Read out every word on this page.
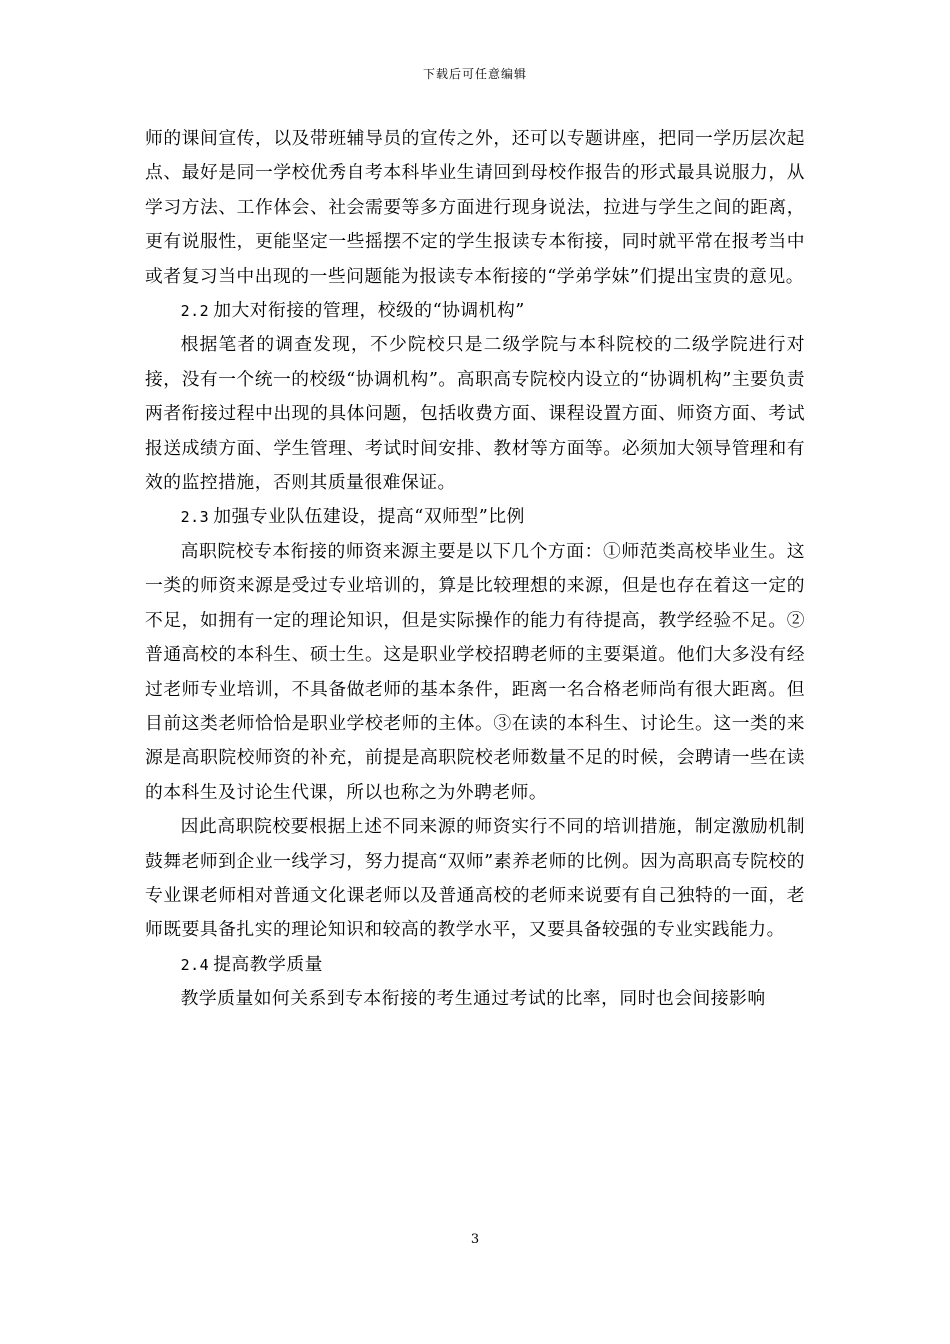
下载后可任意编辑

师的课间宣传，以及带班辅导员的宣传之外，还可以专题讲座，把同一学历层次起点、最好是同一学校优秀自考本科毕业生请回到母校作报告的形式最具说服力，从学习方法、工作体会、社会需要等多方面进行现身说法，拉进与学生之间的距离，更有说服性，更能坚定一些摇摆不定的学生报读专本衔接，同时就平常在报考当中或者复习当中出现的一些问题能为报读专本衔接的“学弟学妹”们提出宝贵的意见。

2.2 加大对衔接的管理，校级的“协调机构”

根据笔者的调查发现，不少院校只是二级学院与本科院校的二级学院进行对接，没有一个统一的校级“协调机构”。高职高专院校内设立的“协调机构”主要负责两者衔接过程中出现的具体问题，包括收费方面、课程设置方面、师资方面、考试报送成绩方面、学生管理、考试时间安排、教材等方面等。必须加大领导管理和有效的监控措施，否则其质量很难保证。

2.3 加强专业队伍建设，提高“双师型”比例

高职院校专本衔接的师资来源主要是以下几个方面：①师范类高校毕业生。这一类的师资来源是受过专业培训的，算是比较理想的来源，但是也存在着这一定的不足，如拥有一定的理论知识，但是实际操作的能力有待提高，教学经验不足。②普通高校的本科生、硕士生。这是职业学校招聘老师的主要渠道。他们大多没有经过老师专业培训，不具备做老师的基本条件，距离一名合格老师尚有很大距离。但目前这类老师恰恰是职业学校老师的主体。③在读的本科生、讨论生。这一类的来源是高职院校师资的补充，前提是高职院校老师数量不足的时候，会聘请一些在读的本科生及讨论生代课，所以也称之为外聘老师。

因此高职院校要根据上述不同来源的师资实行不同的培训措施，制定激励机制鼓舞老师到企业一线学习，努力提高“双师”素养老师的比例。因为高职高专院校的专业课老师相对普通文化课老师以及普通高校的老师来说要有自己独特的一面，老师既要具备扎实的理论知识和较高的教学水平，又要具备较强的专业实践能力。

2.4 提高教学质量

教学质量如何关系到专本衔接的考生通过考试的比率，同时也会间接影响

3
